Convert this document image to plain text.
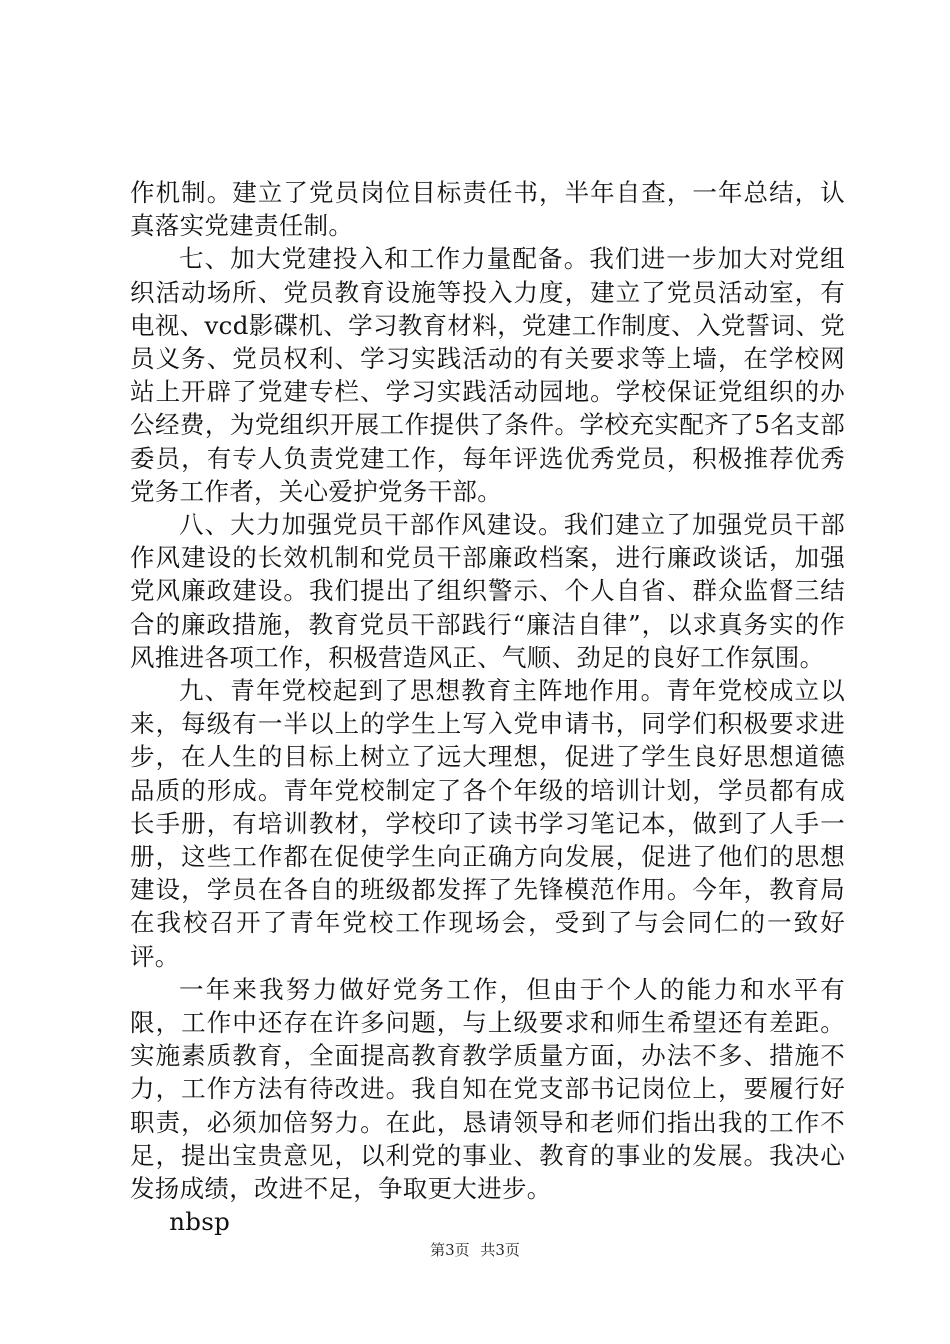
作机制。建立了党员岗位目标责任书，半年自查，一年总结，认真落实党建责任制。

七、加大党建投入和工作力量配备。我们进一步加大对党组织活动场所、党员教育设施等投入力度，建立了党员活动室，有电视、vcd影碟机、学习教育材料，党建工作制度、入党誓词、党员义务、党员权利、学习实践活动的有关要求等上墙，在学校网站上开辟了党建专栏、学习实践活动园地。学校保证党组织的办公经费，为党组织开展工作提供了条件。学校充实配齐了5名支部委员，有专人负责党建工作，每年评选优秀党员，积极推荐优秀党务工作者，关心爱护党务干部。

八、大力加强党员干部作风建设。我们建立了加强党员干部作风建设的长效机制和党员干部廉政档案，进行廉政谈话，加强党风廉政建设。我们提出了组织警示、个人自省、群众监督三结合的廉政措施，教育党员干部践行“廉洁自律”，以求真务实的作风推进各项工作，积极营造风正、气顺、劲足的良好工作氛围。

九、青年党校起到了思想教育主阵地作用。青年党校成立以来，每级有一半以上的学生上写入党申请书，同学们积极要求进步，在人生的目标上树立了远大理想，促进了学生良好思想道德品质的形成。青年党校制定了各个年级的培训计划，学员都有成长手册，有培训教材，学校印了读书学习笔记本，做到了人手一册，这些工作都在促使学生向正确方向发展，促进了他们的思想建设，学员在各自的班级都发挥了先锋模范作用。今年，教育局在我校召开了青年党校工作现场会，受到了与会同仁的一致好评。

一年来我努力做好党务工作，但由于个人的能力和水平有限，工作中还存在许多问题，与上级要求和师生希望还有差距。实施素质教育，全面提高教育教学质量方面，办法不多、措施不力，工作方法有待改进。我自知在党支部书记岗位上，要履行好职责，必须加倍努力。在此，恳请领导和老师们指出我的工作不足，提出宝贵意见，以利党的事业、教育的事业的发展。我决心发扬成绩，改进不足，争取更大进步。

nbsp

第3页 共3页
